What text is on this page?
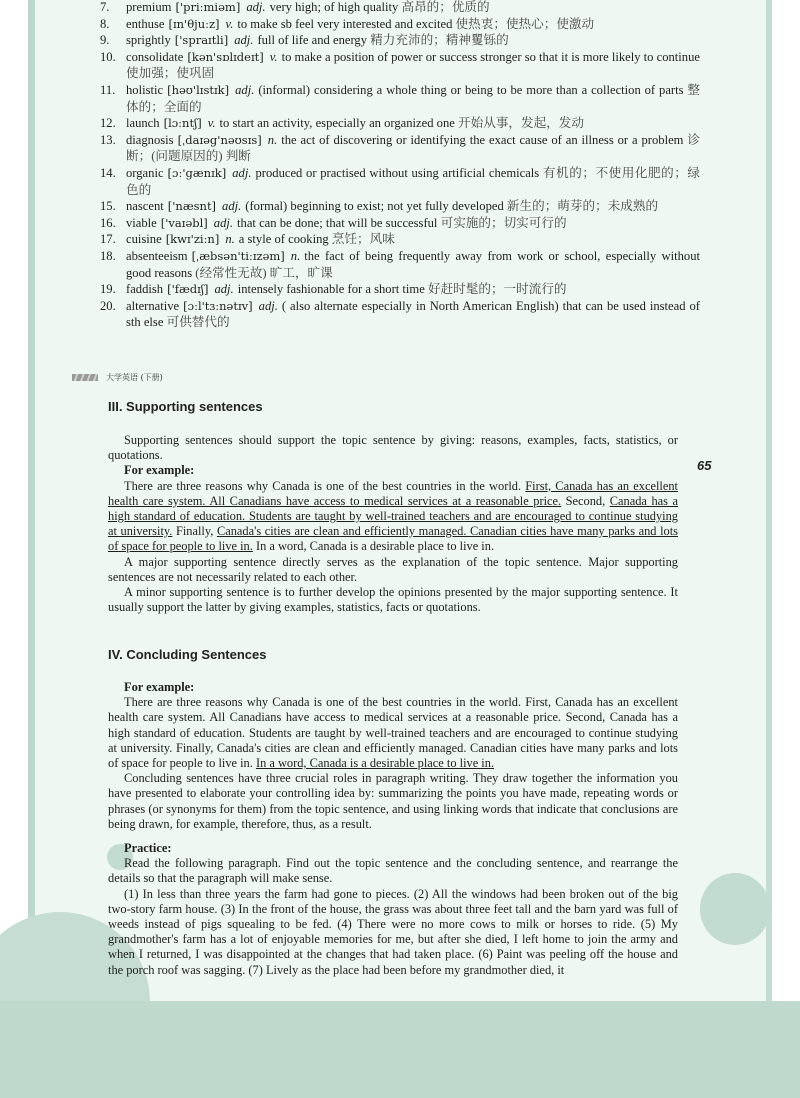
7.	premium ['priːmiəm] adj. very high; of high quality 高昂的；优质的
8.	enthuse [ɪn'θjuːz] v. to make sb feel very interested and excited 使热衷；使热心；使激动
9.	sprightly ['spraɪtli] adj. full of life and energy 精力充沛的；精神矍铄的
10. consolidate [kən'sɒlɪdeɪt] v. to make a position of power or success stronger so that it is more likely to continue 使加强；使巩固
11. holistic [həʊ'lɪstɪk] adj. (informal) considering a whole thing or being to be more than a collection of parts 整体的；全面的
12. launch [lɔːntʃ] v. to start an activity, especially an organized one 开始从事，发起，发动
13. diagnosis [ˌdaɪəg'nəʊsɪs] n. the act of discovering or identifying the exact cause of an illness or a problem 诊断；(问题原因的) 判断
14. organic [ɔː'gænɪk] adj. produced or practised without using artificial chemicals 有机的；不使用化肥的；绿色的
15. nascent ['næsnt] adj. (formal) beginning to exist; not yet fully developed 新生的；萌芽的；未成熟的
16. viable ['vaɪəbl] adj. that can be done; that will be successful 可实施的；切实可行的
17. cuisine [kwɪ'ziːn] n. a style of cooking 烹饪；风味
18. absenteeism [ˌæbsən'tiːɪzəm] n. the fact of being frequently away from work or school, especially without good reasons (经常性无故) 旷工，旷课
19. faddish ['fædɪʃ] adj. intensely fashionable for a short time 好赶时髦的；一时流行的
20. alternative [ɔːl'tɜːnətɪv] adj. ( also alternate especially in North American English) that can be used instead of sth else 可供替代的
大学英语 (下册)
III. Supporting sentences
65

Supporting sentences should support the topic sentence by giving: reasons, examples, facts, statistics, or quotations.

For example:

There are three reasons why Canada is one of the best countries in the world. First, Canada has an excellent health care system. All Canadians have access to medical services at a reasonable price. Second, Canada has a high standard of education. Students are taught by well-trained teachers and are encouraged to continue studying at university. Finally, Canada's cities are clean and efficiently managed. Canadian cities have many parks and lots of space for people to live in. In a word, Canada is a desirable place to live in.

A major supporting sentence directly serves as the explanation of the topic sentence. Major supporting sentences are not necessarily related to each other.

A minor supporting sentence is to further develop the opinions presented by the major supporting sentence. It usually support the latter by giving examples, statistics, facts or quotations.

IV. Concluding Sentences
For example:

There are three reasons why Canada is one of the best countries in the world. First, Canada has an excellent health care system. All Canadians have access to medical services at a reasonable price. Second, Canada has a high standard of education. Students are taught by well-trained teachers and are encouraged to continue studying at university. Finally, Canada's cities are clean and efficiently managed. Canadian cities have many parks and lots of space for people to live in. In a word, Canada is a desirable place to live in.

Concluding sentences have three crucial roles in paragraph writing. They draw together the information you have presented to elaborate your controlling idea by: summarizing the points you have made, repeating words or phrases (or synonyms for them) from the topic sentence, and using linking words that indicate that conclusions are being drawn, for example, therefore, thus, as a result.

Practice:

Read the following paragraph. Find out the topic sentence and the concluding sentence, and rearrange the details so that the paragraph will make sense.

(1) In less than three years the farm had gone to pieces. (2) All the windows had been broken out of the big two-story farm house. (3) In the front of the house, the grass was about three feet tall and the barn yard was full of weeds instead of pigs squealing to be fed. (4) There were no more cows to milk or horses to ride. (5) My grandmother's farm has a lot of enjoyable memories for me, but after she died, I left home to join the army and when I returned, I was disappointed at the changes that had taken place. (6) Paint was peeling off the house and the porch roof was sagging. (7) Lively as the place had been before my grandmother died, it
